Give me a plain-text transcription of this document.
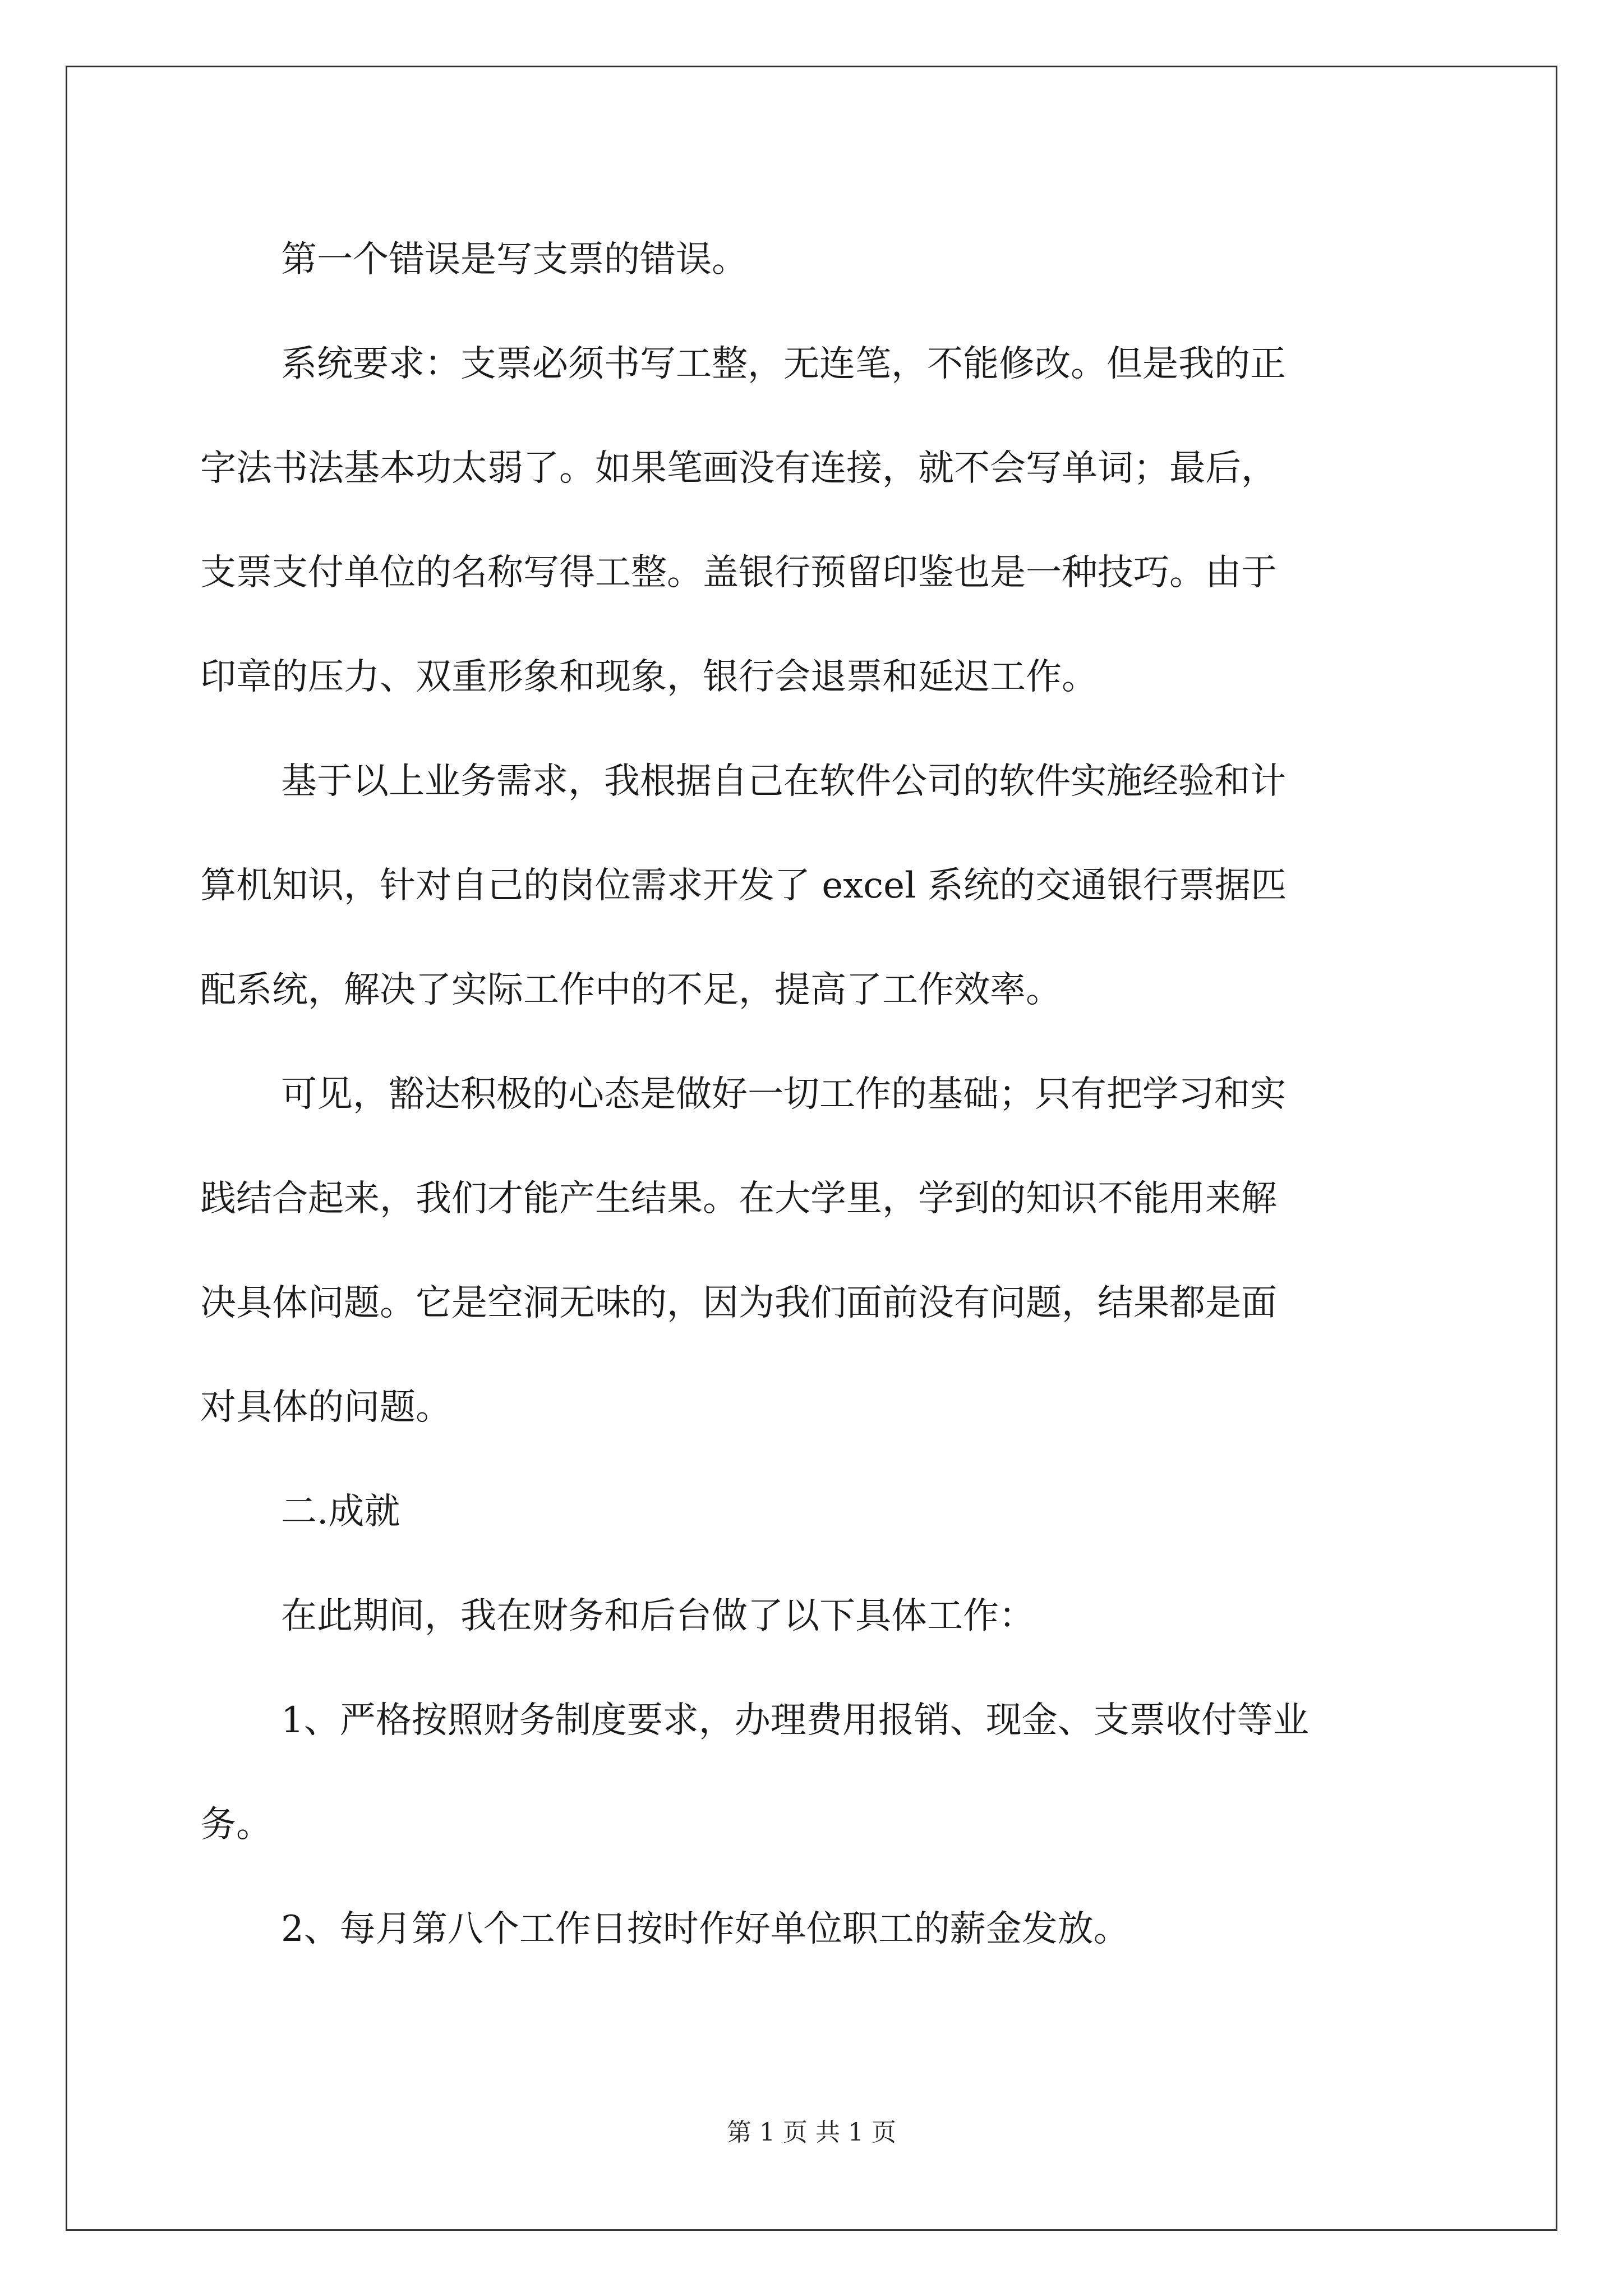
第一个错误是写支票的错误。
系统要求：支票必须书写工整，无连笔，不能修改。但是我的正
字法书法基本功太弱了。如果笔画没有连接，就不会写单词；最后，
支票支付单位的名称写得工整。盖银行预留印鉴也是一种技巧。由于
印章的压力、双重形象和现象，银行会退票和延迟工作。
基于以上业务需求，我根据自己在软件公司的软件实施经验和计
算机知识，针对自己的岗位需求开发了 excel 系统的交通银行票据匹
配系统，解决了实际工作中的不足，提高了工作效率。
可见，豁达积极的心态是做好一切工作的基础；只有把学习和实
践结合起来，我们才能产生结果。在大学里，学到的知识不能用来解
决具体问题。它是空洞无味的，因为我们面前没有问题，结果都是面
对具体的问题。
二.成就
在此期间，我在财务和后台做了以下具体工作：
1、严格按照财务制度要求，办理费用报销、现金、支票收付等业
务。
2、每月第八个工作日按时作好单位职工的薪金发放。
第 1 页 共 1 页
